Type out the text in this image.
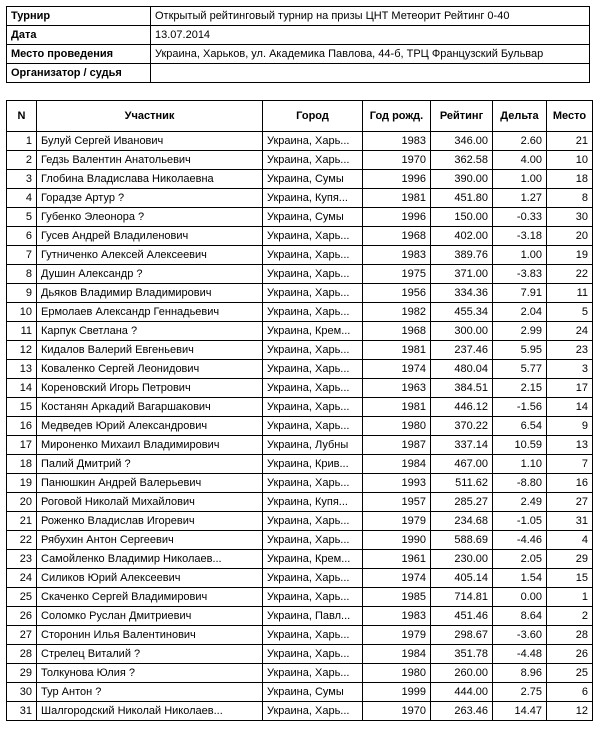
Турнир	Открытый рейтинговый турнир на призы ЦНТ Метеорит Рейтинг 0-40
Дата	13.07.2014
Место проведения	Украина, Харьков, ул. Академика Павлова, 44-б, ТРЦ Французский Бульвар
Организатор / судья	
N	Участник	Город	Год рожд.	Рейтинг	Дельта	Место
1	Булуй Сергей Иванович	Украина, Харь...	1983	346.00	2.60	21
2	Гедзь Валентин Анатольевич	Украина, Харь...	1970	362.58	4.00	10
3	Глобина Владислава Николаевна	Украина, Сумы	1996	390.00	1.00	18
4	Горадзе Артур ?	Украина, Купя...	1981	451.80	1.27	8
5	Губенко Элеонора ?	Украина, Сумы	1996	150.00	-0.33	30
6	Гусев Андрей Владиленович	Украина, Харь...	1968	402.00	-3.18	20
7	Гутниченко Алексей Алексеевич	Украина, Харь...	1983	389.76	1.00	19
8	Душин Александр ?	Украина, Харь...	1975	371.00	-3.83	22
9	Дьяков Владимир Владимирович	Украина, Харь...	1956	334.36	7.91	11
10	Ермолаев Александр Геннадьевич	Украина, Харь...	1982	455.34	2.04	5
11	Карпук Светлана ?	Украина, Крем...	1968	300.00	2.99	24
12	Кидалов Валерий Евгеньевич	Украина, Харь...	1981	237.46	5.95	23
13	Коваленко Сергей Леонидович	Украина, Харь...	1974	480.04	5.77	3
14	Кореновский Игорь Петрович	Украина, Харь...	1963	384.51	2.15	17
15	Костанян Аркадий Вагаршакович	Украина, Харь...	1981	446.12	-1.56	14
16	Медведев Юрий Александрович	Украина, Харь...	1980	370.22	6.54	9
17	Мироненко Михаил Владимирович	Украина, Лубны	1987	337.14	10.59	13
18	Палий Дмитрий ?	Украина, Крив...	1984	467.00	1.10	7
19	Панюшкин Андрей Валерьевич	Украина, Харь...	1993	511.62	-8.80	16
20	Роговой Николай Михайлович	Украина, Купя...	1957	285.27	2.49	27
21	Роженко Владислав Игоревич	Украина, Харь...	1979	234.68	-1.05	31
22	Рябухин Антон Сергеевич	Украина, Харь...	1990	588.69	-4.46	4
23	Самойленко Владимир Николаев...	Украина, Крем...	1961	230.00	2.05	29
24	Силиков Юрий Алексеевич	Украина, Харь...	1974	405.14	1.54	15
25	Скаченко Сергей Владимирович	Украина, Харь...	1985	714.81	0.00	1
26	Соломко Руслан Дмитриевич	Украина, Павл...	1983	451.46	8.64	2
27	Сторонин Илья Валентинович	Украина, Харь...	1979	298.67	-3.60	28
28	Стрелец Виталий ?	Украина, Харь...	1984	351.78	-4.48	26
29	Толкунова Юлия ?	Украина, Харь...	1980	260.00	8.96	25
30	Тур Антон ?	Украина, Сумы	1999	444.00	2.75	6
31	Шалгородский Николай Николаев...	Украина, Харь...	1970	263.46	14.47	12
